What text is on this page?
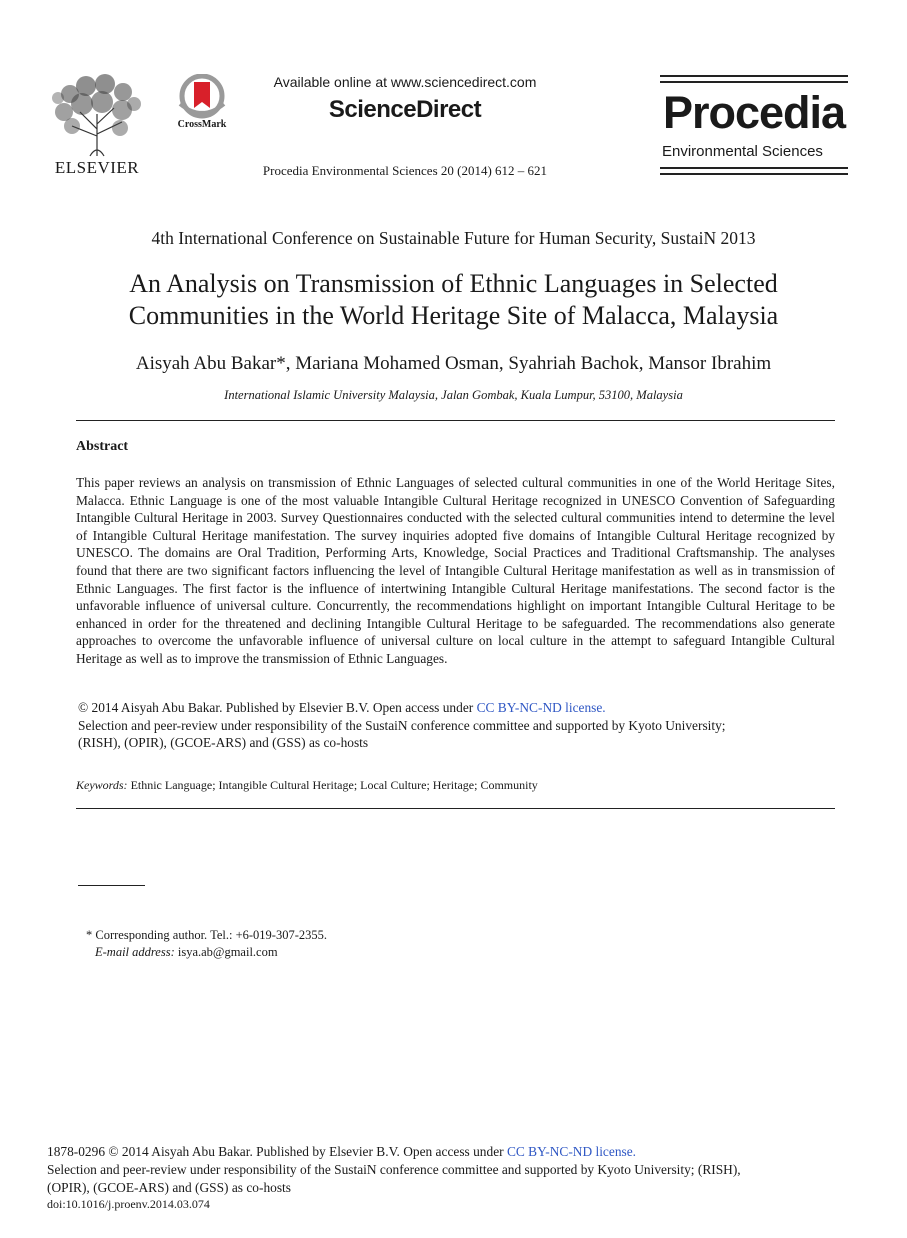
ELSEVIER
CrossMark
Available online at www.sciencedirect.com
ScienceDirect
Procedia Environmental Sciences 20 (2014) 612 – 621
Procedia
Environmental Sciences
4th International Conference on Sustainable Future for Human Security, SustaiN 2013
An Analysis on Transmission of Ethnic Languages in Selected
Communities in the World Heritage Site of Malacca, Malaysia
Aisyah Abu Bakar*, Mariana Mohamed Osman, Syahriah Bachok, Mansor Ibrahim
International Islamic University Malaysia, Jalan Gombak, Kuala Lumpur, 53100, Malaysia
Abstract

This paper reviews an analysis on transmission of Ethnic Languages of selected cultural communities in one of the World Heritage Sites, Malacca. Ethnic Language is one of the most valuable Intangible Cultural Heritage recognized in UNESCO Convention of Safeguarding Intangible Cultural Heritage in 2003. Survey Questionnaires conducted with the selected cultural communities intend to determine the level of Intangible Cultural Heritage manifestation. The survey inquiries adopted five domains of Intangible Cultural Heritage recognized by UNESCO. The domains are Oral Tradition, Performing Arts, Knowledge, Social Practices and Traditional Craftsmanship. The analyses found that there are two significant factors influencing the level of Intangible Cultural Heritage manifestation as well as in transmission of Ethnic Languages. The first factor is the influence of intertwining Intangible Cultural Heritage manifestations. The second factor is the unfavorable influence of universal culture. Concurrently, the recommendations highlight on important Intangible Cultural Heritage to be enhanced in order for the threatened and declining Intangible Cultural Heritage to be safeguarded. The recommendations also generate approaches to overcome the unfavorable influence of universal culture on local culture in the attempt to safeguard Intangible Cultural Heritage as well as to improve the transmission of Ethnic Languages.

© 2014 Aisyah Abu Bakar. Published by Elsevier B.V. Open access under CC BY-NC-ND license.
Selection and peer-review under responsibility of the SustaiN conference committee and supported by Kyoto University;
(RISH), (OPIR), (GCOE-ARS) and (GSS) as co-hosts
Keywords: Ethnic Language; Intangible Cultural Heritage; Local Culture; Heritage; Community
* Corresponding author. Tel.: +6-019-307-2355.
E-mail address: isya.ab@gmail.com
1878-0296 © 2014 Aisyah Abu Bakar. Published by Elsevier B.V. Open access under CC BY-NC-ND license.
Selection and peer-review under responsibility of the SustaiN conference committee and supported by Kyoto University; (RISH),
(OPIR), (GCOE-ARS) and (GSS) as co-hosts
doi:10.1016/j.proenv.2014.03.074
